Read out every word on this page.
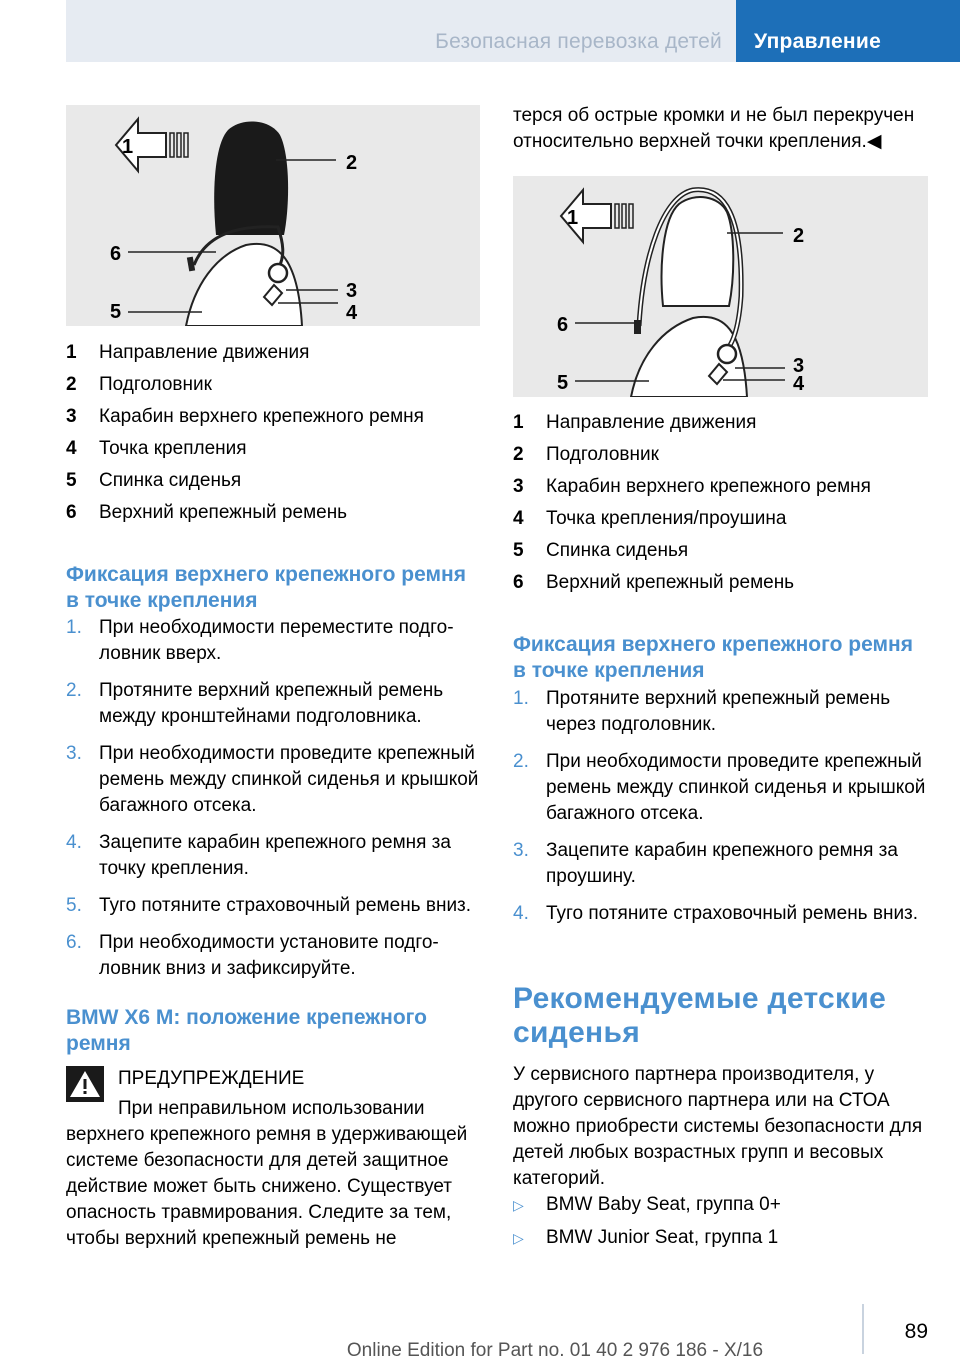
Безопасная перевозка детей Управление
1
2
3
4
5
6
1	Направление движения
2	Подголовник
3	Карабин верхнего крепежного ремня
4	Точка крепления
5	Спинка сиденья
6	Верхний крепежный ремень
Фиксация верхнего крепежного ремня в точке крепления
1. При необходимости переместите подголовник вверх.
2. Протяните верхний крепежный ремень между кронштейнами подголовника.
3. При необходимости проведите крепежный ремень между спинкой сиденья и крышкой багажного отсека.
4. Зацепите карабин крепежного ремня за точку крепления.
5. Туго потяните страховочный ремень вниз.
6. При необходимости установите подголовник вниз и зафиксируйте.
BMW X6 M: положение крепежного ремня
ПРЕДУПРЕЖДЕНИЕ
При неправильном использовании верхнего крепежного ремня в удерживающей системе безопасности для детей защитное действие может быть снижено. Существует опасность травмирования. Следите за тем, чтобы верхний крепежный ремень не
терся об острые кромки и не был перекручен относительно верхней точки крепления.◀
1
2
3
4
5
6
1	Направление движения
2	Подголовник
3	Карабин верхнего крепежного ремня
4	Точка крепления/проушина
5	Спинка сиденья
6	Верхний крепежный ремень
Фиксация верхнего крепежного ремня в точке крепления
1. Протяните верхний крепежный ремень через подголовник.
2. При необходимости проведите крепежный ремень между спинкой сиденья и крышкой багажного отсека.
3. Зацепите карабин крепежного ремня за проушину.
4. Туго потяните страховочный ремень вниз.
Рекомендуемые детские сиденья
У сервисного партнера производителя, у другого сервисного партнера или на СТОА можно приобрести системы безопасности для детей любых возрастных групп и весовых категорий.
▷	BMW Baby Seat, группа 0+
▷	BMW Junior Seat, группа 1
89
Online Edition for Part no. 01 40 2 976 186 - X/16
